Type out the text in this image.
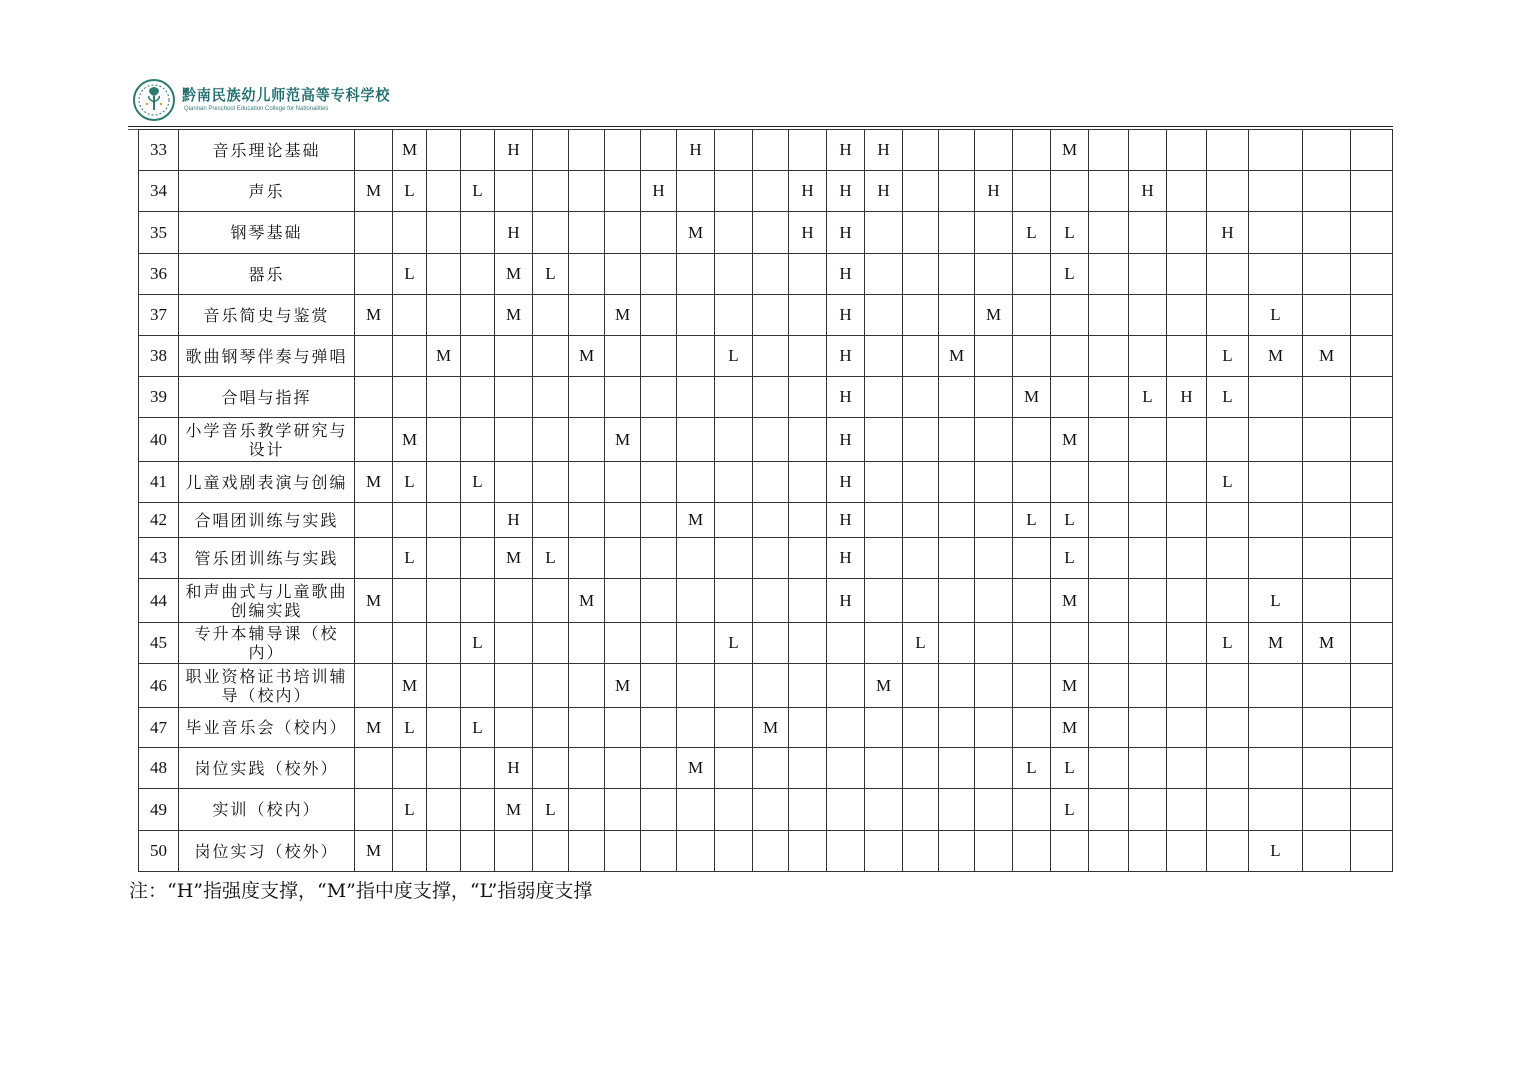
黔南民族幼儿师范高等专科学校
Qiannan Preschool Education College for Nationalities
33	音乐理论基础		M			H					H				H	H					M							
34	声乐	M	L		L					H				H	H	H			H				H					
35	钢琴基础					H					M			H	H					L	L				H			
36	器乐		L			M	L								H						L							
37	音乐简史与鉴赏	M				M			M						H				M							L		
38	歌曲钢琴伴奏与弹唱			M				M				L			H			M							L	M	M	
39	合唱与指挥														H					M			L	H	L			
40	小学音乐教学研究与设计		M						M						H						M							
41	儿童戏剧表演与创编	M	L		L										H										L			
42	合唱团训练与实践					H					M				H					L	L							
43	管乐团训练与实践		L			M	L								H						L							
44	和声曲式与儿童歌曲创编实践	M						M							H						M					L		
45	专升本辅导课（校内）				L							L					L								L	M	M	
46	职业资格证书培训辅导（校内）		M						M							M					M							
47	毕业音乐会（校内）	M	L		L								M								M							
48	岗位实践（校外）					H					M									L	L							
49	实训（校内）		L			M	L														L							
50	岗位实习（校外）	M																								L		
注：“H”指强度支撑，“M”指中度支撑，“L”指弱度支撑
